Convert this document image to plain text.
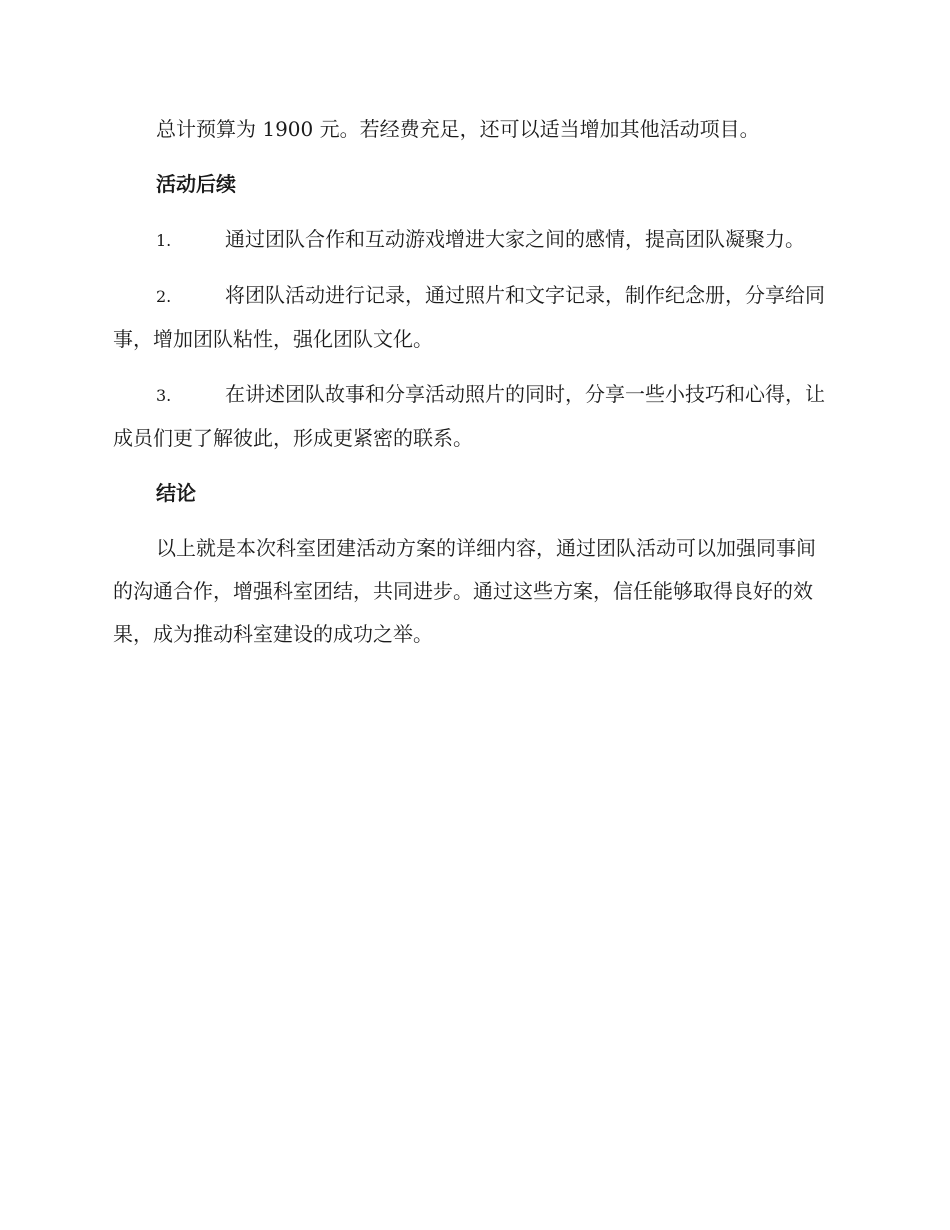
总计预算为 1900 元。若经费充足，还可以适当增加其他活动项目。

活动后续

1.	通过团队合作和互动游戏增进大家之间的感情，提高团队凝聚力。

2.	将团队活动进行记录，通过照片和文字记录，制作纪念册，分享给同事，增加团队粘性，强化团队文化。

3.	在讲述团队故事和分享活动照片的同时，分享一些小技巧和心得，让成员们更了解彼此，形成更紧密的联系。

结论

以上就是本次科室团建活动方案的详细内容，通过团队活动可以加强同事间的沟通合作，增强科室团结，共同进步。通过这些方案，信任能够取得良好的效果，成为推动科室建设的成功之举。
